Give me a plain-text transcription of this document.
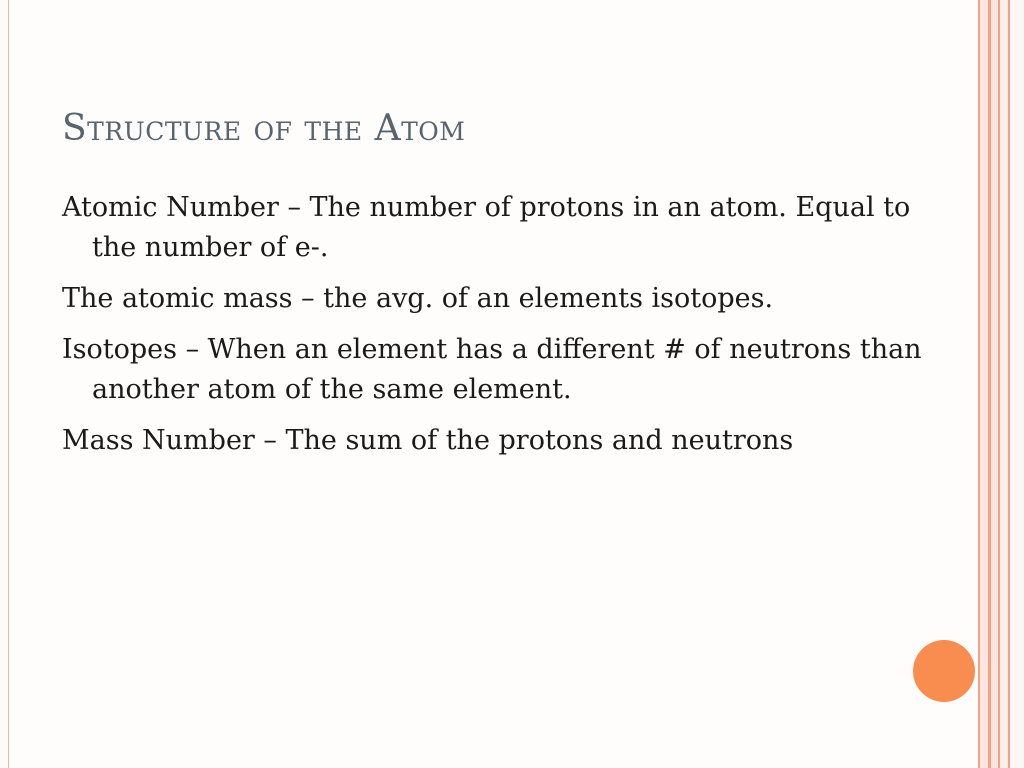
Structure of the Atom

Atomic Number – The number of protons in an atom. Equal to the number of e-.

The atomic mass – the avg. of an elements isotopes.

Isotopes – When an element has a different # of neutrons than another atom of the same element.

Mass Number – The sum of the protons and neutrons
